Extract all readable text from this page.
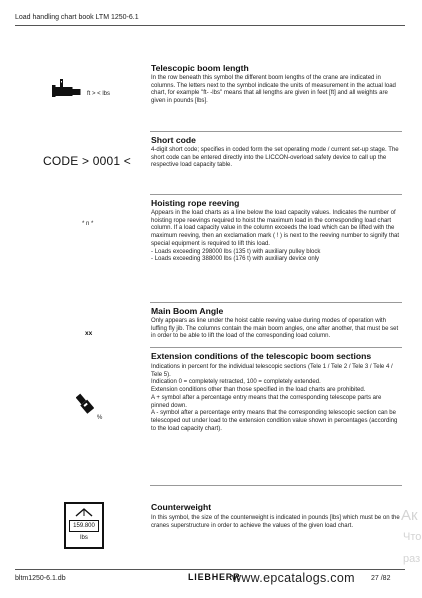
Load handling chart book LTM 1250-6.1
ft > < lbs
Telescopic boom length
In the row beneath this symbol the different boom lengths of the crane are indicated in columns. The letters next to the symbol indicate the units of measurement in the actual load chart, for example "ft- -lbs" means that all lengths are given in feet [ft] and all weights are given in pounds [lbs].
CODE > 0001 <
Short code
4-digit short code; specifies in coded form the set operating mode / current set-up stage. The short code can be entered directly into the LICCON-overload safety device to call up the respective load capacity table.
* n *
Hoisting rope reeving

Appears in the load charts as a line below the load capacity values. Indicates the number of hoisting rope reevings required to hoist the maximum load in the corresponding load chart column. If a load capacity value in the column exceeds the load which can be lifted with the maximum reeving, then an exclamation mark ( ! ) is next to the reeving number to signify that special equipment is required to lift this load.

- Loads exceeding 298000 lbs (135 t) with auxiliary pulley block

- Loads exceeding 388000 lbs (176 t) with auxiliary device only

xx
Main Boom Angle
Only appears as line under the hoist cable reeving value during modes of operation with luffing fly jib. The columns contain the main boom angles, one after another, that must be set in order to be able to lift the load of the corresponding load column.
%
Extension conditions of the telescopic boom sections

Indications in percent for the individual telescopic sections (Tele 1 / Tele 2 / Tele 3 / Tele 4 / Tele 5).

Indication 0 = completely retracted, 100 = completely extended.

Extension conditions other than those specified in the load charts are prohibited.

A + symbol after a percentage entry means that the corresponding telescope parts are pinned down.

A - symbol after a percentage entry means that the corresponding telescopic section can be telescoped out under load to the extension condition value shown in percentages (according to the load capacity chart).

159.800
lbs
Counterweight
In this symbol, the size of the counterweight is indicated in pounds [lbs] which must be on the cranes superstructure in order to achieve the values of the given load chart.
bltm1250-6.1.db	LIEBHERR
www.epcatalogs.com 27 /82
Ак
Что
раз
